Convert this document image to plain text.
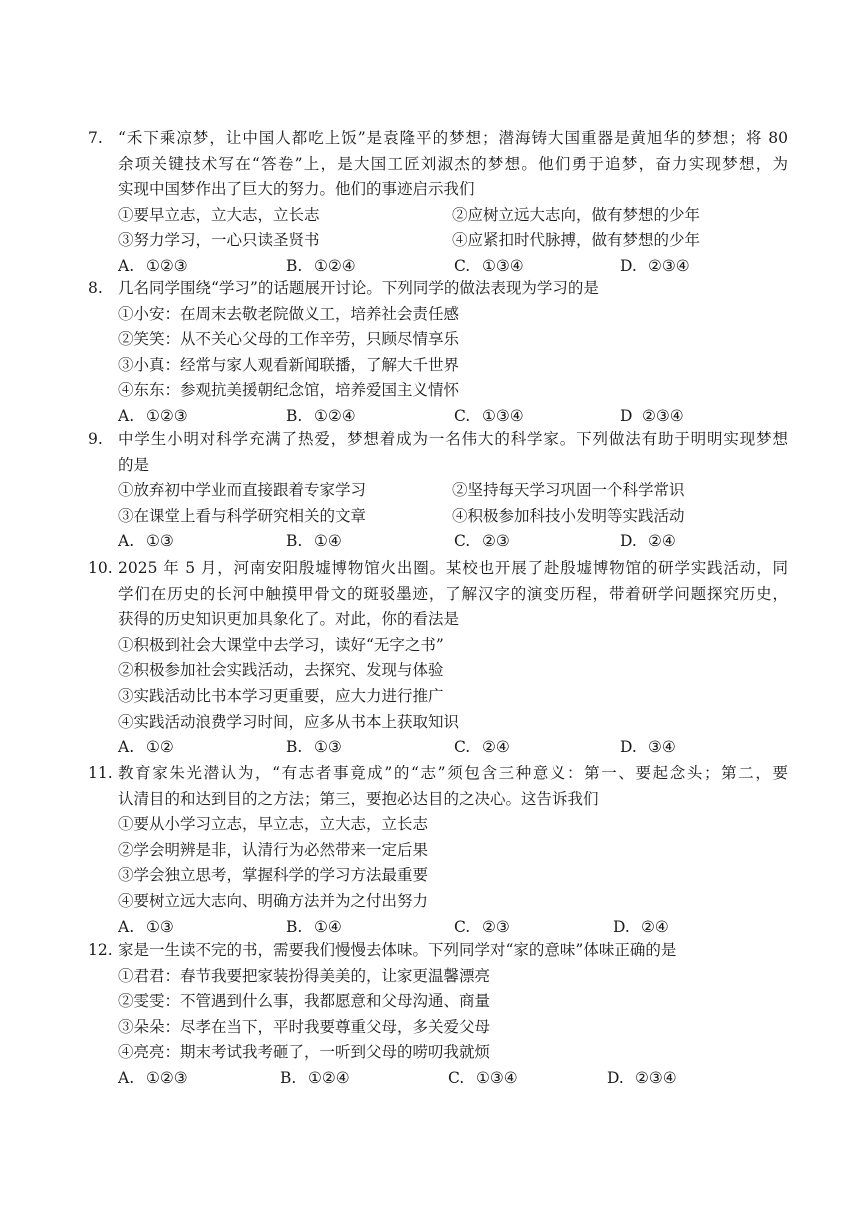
7. “禾下乘凉梦，让中国人都吃上饭”是袁隆平的梦想；潜海铸大国重器是黄旭华的梦想；将 80
余项关键技术写在“答卷”上，是大国工匠刘淑杰的梦想。他们勇于追梦，奋力实现梦想，为
实现中国梦作出了巨大的努力。他们的事迹启示我们
①要早立志，立大志，立长志	②应树立远大志向，做有梦想的少年
③努力学习，一心只读圣贤书	④应紧扣时代脉搏，做有梦想的少年
A. ①②③	B. ①②④	C. ①③④	D. ②③④
8. 几名同学围绕“学习”的话题展开讨论。下列同学的做法表现为学习的是
①小安：在周末去敬老院做义工，培养社会责任感
②笑笑：从不关心父母的工作辛劳，只顾尽情享乐
③小真：经常与家人观看新闻联播，了解大千世界
④东东：参观抗美援朝纪念馆，培养爱国主义情怀
A. ①②③	B. ①②④	C. ①③④	D ②③④
9. 中学生小明对科学充满了热爱，梦想着成为一名伟大的科学家。下列做法有助于明明实现梦想
的是
①放弃初中学业而直接跟着专家学习	②坚持每天学习巩固一个科学常识
③在课堂上看与科学研究相关的文章	④积极参加科技小发明等实践活动
A. ①③	B. ①④	C. ②③	D. ②④
10. 2025 年 5 月，河南安阳殷墟博物馆火出圈。某校也开展了赴殷墟博物馆的研学实践活动，同
学们在历史的长河中触摸甲骨文的斑驳墨迹，了解汉字的演变历程，带着研学问题探究历史，
获得的历史知识更加具象化了。对此，你的看法是
①积极到社会大课堂中去学习，读好“无字之书”
②积极参加社会实践活动，去探究、发现与体验
③实践活动比书本学习更重要，应大力进行推广
④实践活动浪费学习时间，应多从书本上获取知识
A. ①②	B. ①③	C. ②④	D. ③④
11. 教育家朱光潜认为，“有志者事竟成”的“志”须包含三种意义：第一、要起念头；第二，要
认清目的和达到目的之方法；第三，要抱必达目的之决心。这告诉我们
①要从小学习立志，早立志，立大志，立长志
②学会明辨是非，认清行为必然带来一定后果
③学会独立思考，掌握科学的学习方法最重要
④要树立远大志向、明确方法并为之付出努力
A. ①③	B. ①④	C. ②③	D. ②④
12. 家是一生读不完的书，需要我们慢慢去体味。下列同学对“家的意味”体味正确的是
①君君：春节我要把家装扮得美美的，让家更温馨漂亮
②雯雯：不管遇到什么事，我都愿意和父母沟通、商量
③朵朵：尽孝在当下，平时我要尊重父母，多关爱父母
④亮亮：期末考试我考砸了，一听到父母的唠叨我就烦
A. ①②③	B. ①②④	C. ①③④	D. ②③④
